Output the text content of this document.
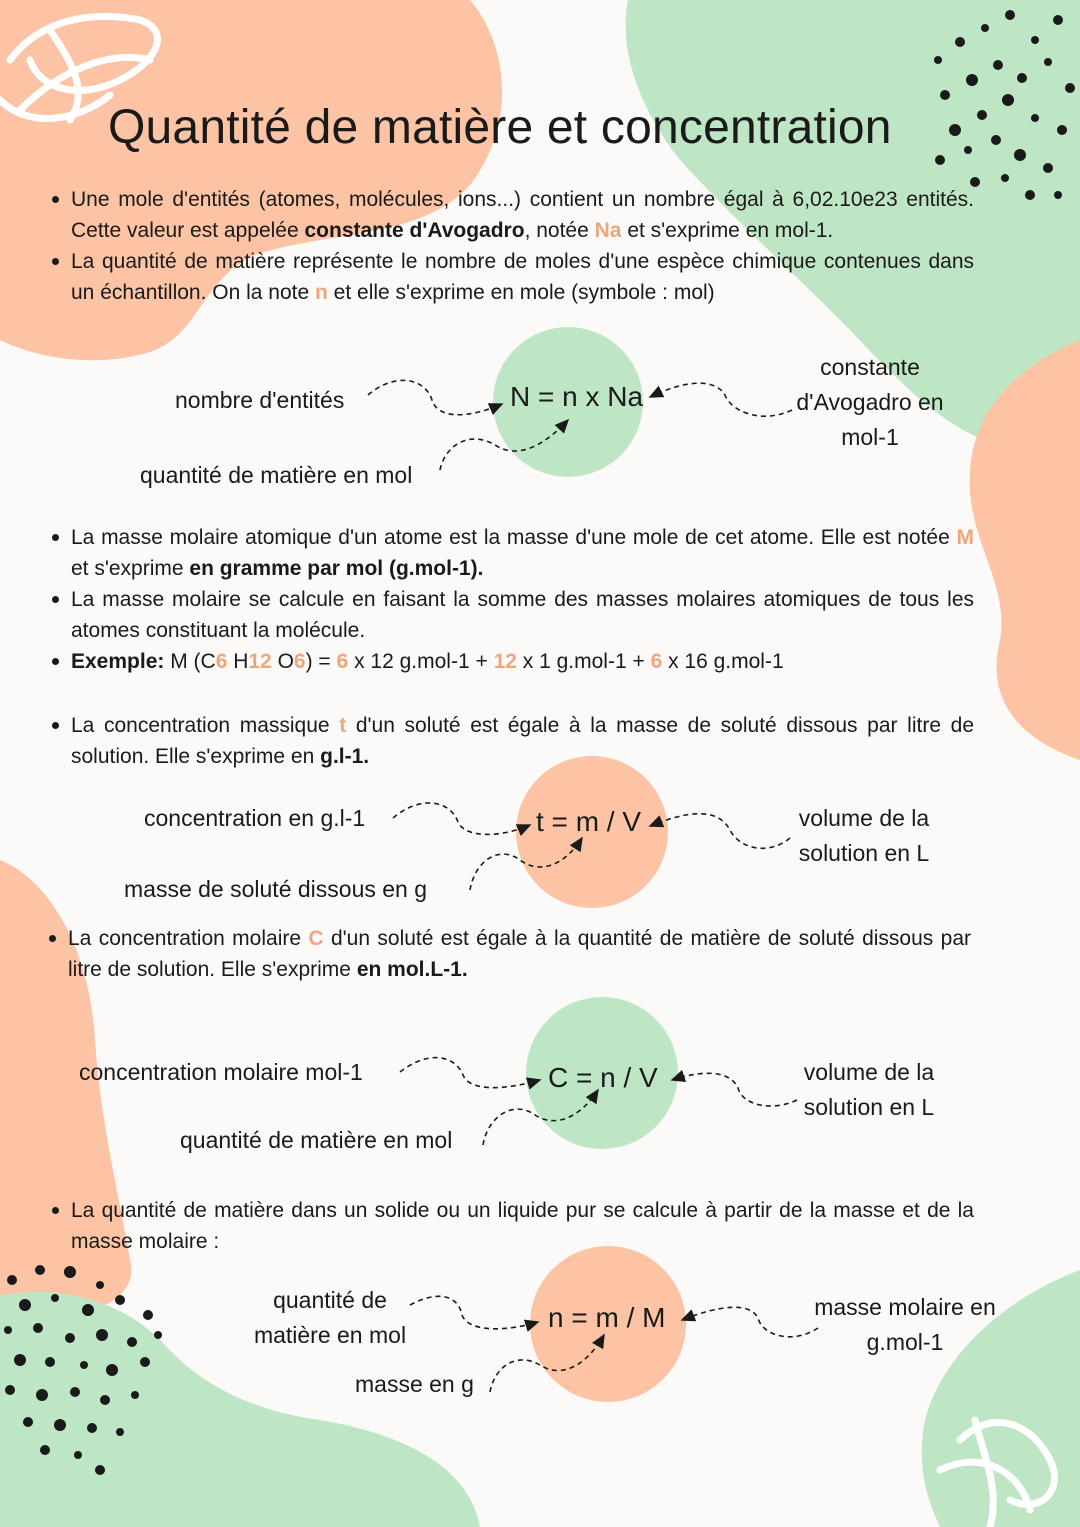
Quantité de matière et concentration
Une mole d'entités (atomes, molécules, ions...) contient un nombre égal à 6,02.10e23 entités. Cette valeur est appelée constante d'Avogadro, notée Na et s'exprime en mol-1.
La quantité de matière représente le nombre de moles d'une espèce chimique contenues dans un échantillon. On la note n et elle s'exprime en mole (symbole : mol)
N = n x Na
nombre d'entités
quantité de matière en mol
constante
d'Avogadro en
mol-1
La masse molaire atomique d'un atome est la masse d'une mole de cet atome. Elle est notée M et s'exprime en gramme par mol (g.mol-1).
La masse molaire se calcule en faisant la somme des masses molaires atomiques de tous les atomes constituant la molécule.
Exemple: M (C6 H12 O6) = 6 x 12 g.mol-1 + 12 x 1 g.mol-1 + 6 x 16 g.mol-1
La concentration massique t d'un soluté est égale à la masse de soluté dissous par litre de solution. Elle s'exprime en g.l-1.
t = m / V
concentration en g.l-1
masse de soluté dissous en g
volume de la
solution en L
La concentration molaire C d'un soluté est égale à la quantité de matière de soluté dissous par litre de solution. Elle s'exprime en mol.L-1.
C = n / V
concentration molaire mol-1
quantité de matière en mol
volume de la
solution en L
La quantité de matière dans un solide ou un liquide pur se calcule à partir de la masse et de la masse molaire :
n = m / M
quantité de
matière en mol
masse en g
masse molaire en
g.mol-1
